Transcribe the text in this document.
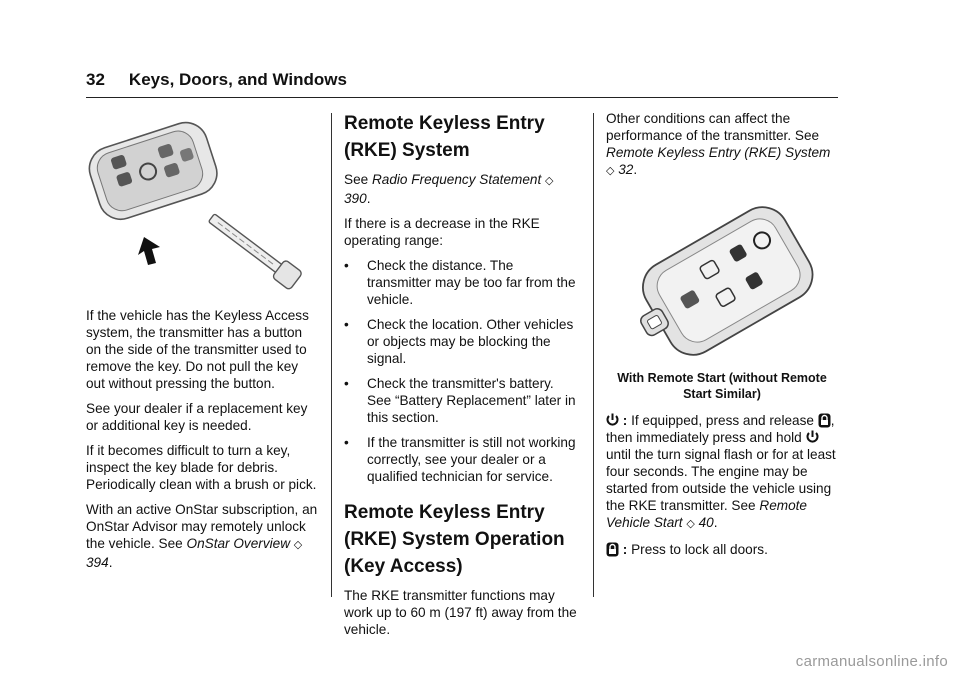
32 Keys, Doors, and Windows

If the vehicle has the Keyless Access system, the transmitter has a button on the side of the transmitter used to remove the key. Do not pull the key out without pressing the button.

See your dealer if a replacement key or additional key is needed.

If it becomes difficult to turn a key, inspect the key blade for debris. Periodically clean with a brush or pick.

With an active OnStar subscription, an OnStar Advisor may remotely unlock the vehicle. See OnStar Overview ◇ 394.

Remote Keyless Entry (RKE) System

See Radio Frequency Statement ◇ 390.

If there is a decrease in the RKE operating range:

• Check the distance. The transmitter may be too far from the vehicle.
• Check the location. Other vehicles or objects may be blocking the signal.
• Check the transmitter's battery. See “Battery Replacement” later in this section.
• If the transmitter is still not working correctly, see your dealer or a qualified technician for service.
Remote Keyless Entry (RKE) System Operation (Key Access)

The RKE transmitter functions may work up to 60 m (197 ft) away from the vehicle.

Other conditions can affect the performance of the transmitter. See Remote Keyless Entry (RKE) System ◇ 32.

With Remote Start (without Remote Start Similar)

: If equipped, press and release , then immediately press and hold  until the turn signal flash or for at least four seconds. The engine may be started from outside the vehicle using the RKE transmitter. See Remote Vehicle Start ◇ 40.

: Press to lock all doors.

carmanualsonline.info
